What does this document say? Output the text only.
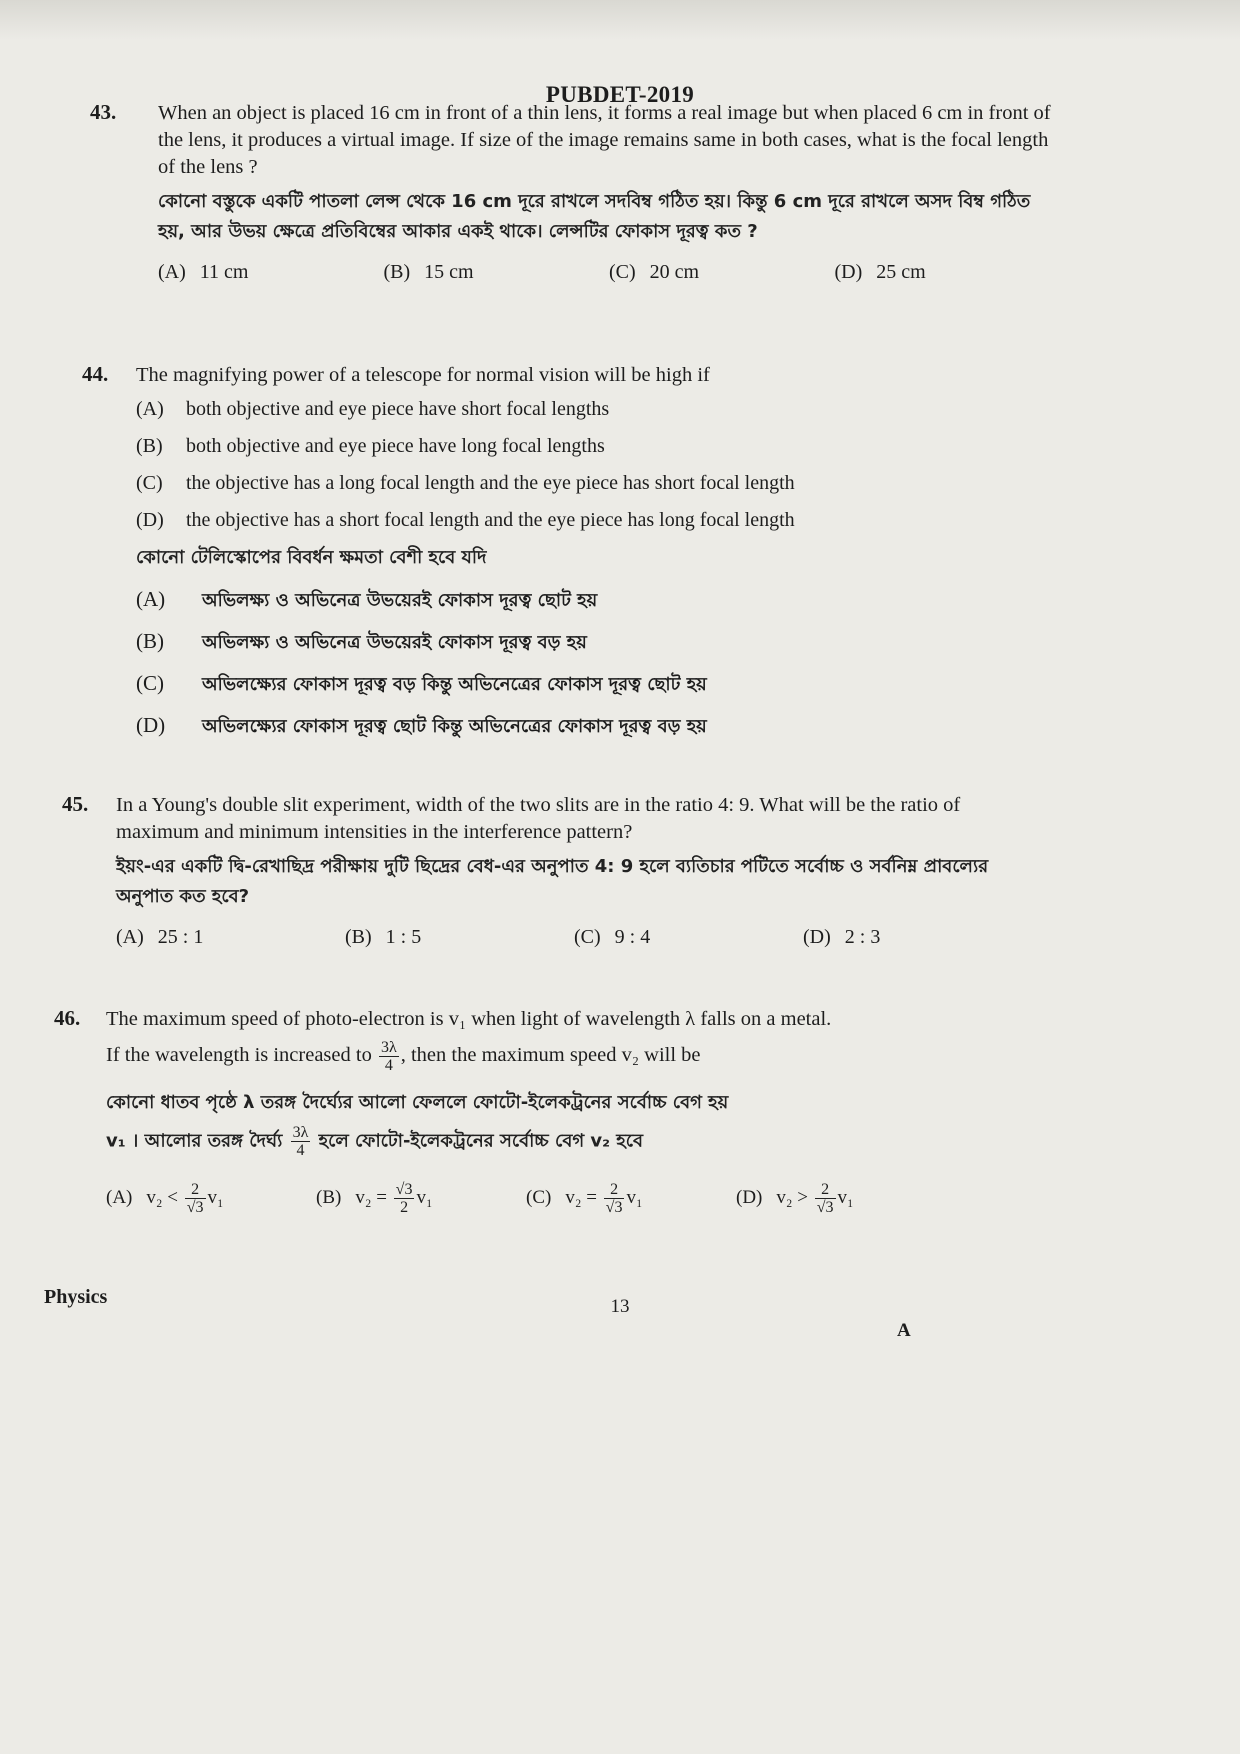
PUBDET-2019
43.	When an object is placed 16 cm in front of a thin lens, it forms a real image but when placed 6 cm in front of the lens, it produces a virtual image. If size of the image remains same in both cases, what is the focal length of the lens ?
কোনো বস্তুকে একটি পাতলা লেন্স থেকে 16 cm দূরে রাখলে সদবিম্ব গঠিত হয়। কিন্তু 6 cm দূরে রাখলে অসদ বিম্ব গঠিত হয়, আর উভয় ক্ষেত্রে প্রতিবিম্বের আকার একই থাকে। লেন্সটির ফোকাস দূরত্ব কত ?
(A) 11 cm	(B) 15 cm	(C) 20 cm	(D) 25 cm
44.	The magnifying power of a telescope for normal vision will be high if
(A) both objective and eye piece have short focal lengths
(B) both objective and eye piece have long focal lengths
(C) the objective has a long focal length and the eye piece has short focal length
(D) the objective has a short focal length and the eye piece has long focal length
কোনো টেলিস্কোপের বিবর্ধন ক্ষমতা বেশী হবে যদি
(A) অভিলক্ষ্য ও অভিনেত্র উভয়েরই ফোকাস দূরত্ব ছোট হয়
(B) অভিলক্ষ্য ও অভিনেত্র উভয়েরই ফোকাস দূরত্ব বড় হয়
(C) অভিলক্ষ্যের ফোকাস দূরত্ব বড় কিন্তু অভিনেত্রের ফোকাস দূরত্ব ছোট হয়
(D) অভিলক্ষ্যের ফোকাস দূরত্ব ছোট কিন্তু অভিনেত্রের ফোকাস দূরত্ব বড় হয়
45.	In a Young's double slit experiment, width of the two slits are in the ratio 4: 9. What will be the ratio of maximum and minimum intensities in the interference pattern?
ইয়ং-এর একটি দ্বি-রেখাছিদ্র পরীক্ষায় দুটি ছিদ্রের বেধ-এর অনুপাত 4: 9 হলে ব্যতিচার পটিতে সর্বোচ্চ ও সর্বনিম্ন প্রাবল্যের অনুপাত কত হবে?
(A) 25 : 1	(B) 1 : 5	(C) 9 : 4	(D) 2 : 3
46.	The maximum speed of photo-electron is v₁ when light of wavelength λ falls on a metal.
If the wavelength is increased to $\frac{3\lambda}{4}$ , then the maximum speed v₂ will be
কোনো ধাতব পৃষ্ঠে λ তরঙ্গ দৈর্ঘ্যের আলো ফেললে ফোটো-ইলেকট্রনের সর্বোচ্চ বেগ হয়
v₁ । আলোর তরঙ্গ দৈর্ঘ্য $\frac{3\lambda}{4}$ হলে ফোটো-ইলেকট্রনের সর্বোচ্চ বেগ v₂ হবে
(A) $v_2 < \frac{2}{√3} v_1$	(B) $v_2 = \frac{√3}{2} v_1$	(C) $v_2 = \frac{2}{√3} v_1$	(D) $v_2 > \frac{2}{√3} v_1$
Physics	13
A
